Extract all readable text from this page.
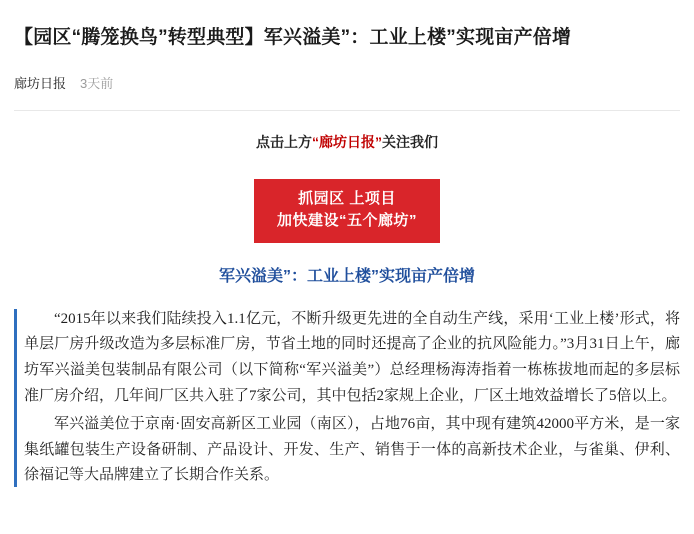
【园区“腾笼换鸟”转型典型】军兴溢美”：工业上楼”实现亩产倍增
廊坊日报 3天前
点击上方“廊坊日报”关注我们
抓园区 上项目
加快建设“五个廊坊”
军兴溢美”：工业上楼”实现亩产倍增

“2015年以来我们陆续投入1.1亿元，不断升级更先进的全自动生产线，采用‘工业上楼’形式，将单层厂房升级改造为多层标准厂房，节省土地的同时还提高了企业的抗风险能力。”3月31日上午，廊坊军兴溢美包装制品有限公司（以下简称“军兴溢美”）总经理杨海涛指着一栋栋拔地而起的多层标准厂房介绍，几年间厂区共入驻了7家公司，其中包括2家规上企业，厂区土地效益增长了5倍以上。

军兴溢美位于京南·固安高新区工业园（南区），占地76亩，其中现有建筑42000平方米，是一家集纸罐包装生产设备研制、产品设计、开发、生产、销售于一体的高新技术企业，与雀巢、伊利、徐福记等大品牌建立了长期合作关系。
